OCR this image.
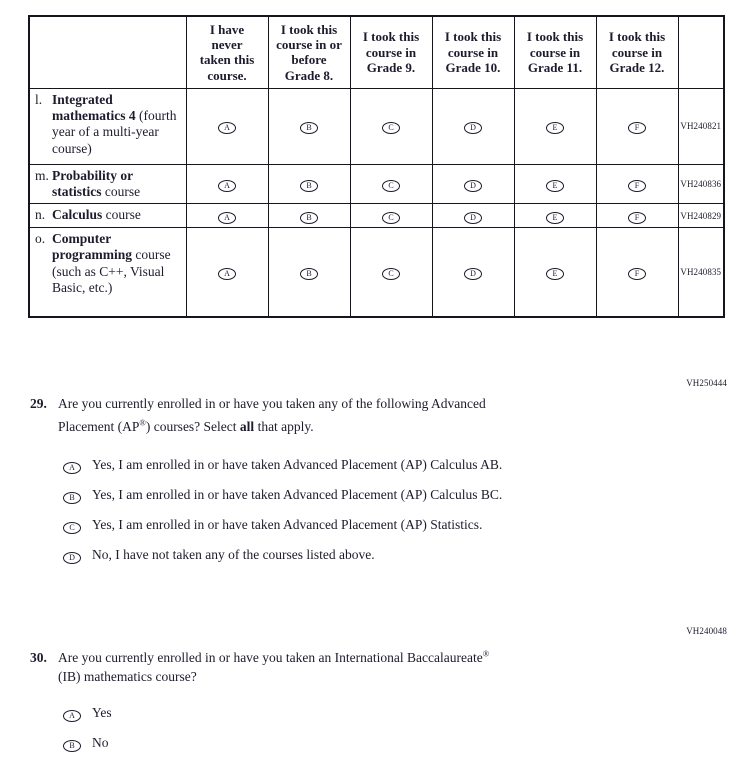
	I have never taken this course.	I took this course in or before Grade 8.	I took this course in Grade 9.	I took this course in Grade 10.	I took this course in Grade 11.	I took this course in Grade 12.	

l. Integrated mathematics 4 (fourth year of a multi-year course)	A	B	C	D	E	F	VH240821

m. Probability or statistics course	A	B	C	D	E	F	VH240836

n. Calculus course	A	B	C	D	E	F	VH240829

o. Computer programming course (such as C++, Visual Basic, etc.)	A	B	C	D	E	F	VH240835
VH250444

29. Are you currently enrolled in or have you taken any of the following Advanced
Placement (AP®) courses? Select all that apply.

A Yes, I am enrolled in or have taken Advanced Placement (AP) Calculus AB.
B Yes, I am enrolled in or have taken Advanced Placement (AP) Calculus BC.
C Yes, I am enrolled in or have taken Advanced Placement (AP) Statistics.
D No, I have not taken any of the courses listed above.
VH240048

30. Are you currently enrolled in or have you taken an International Baccalaureate®
(IB) mathematics course?

A Yes
B No
